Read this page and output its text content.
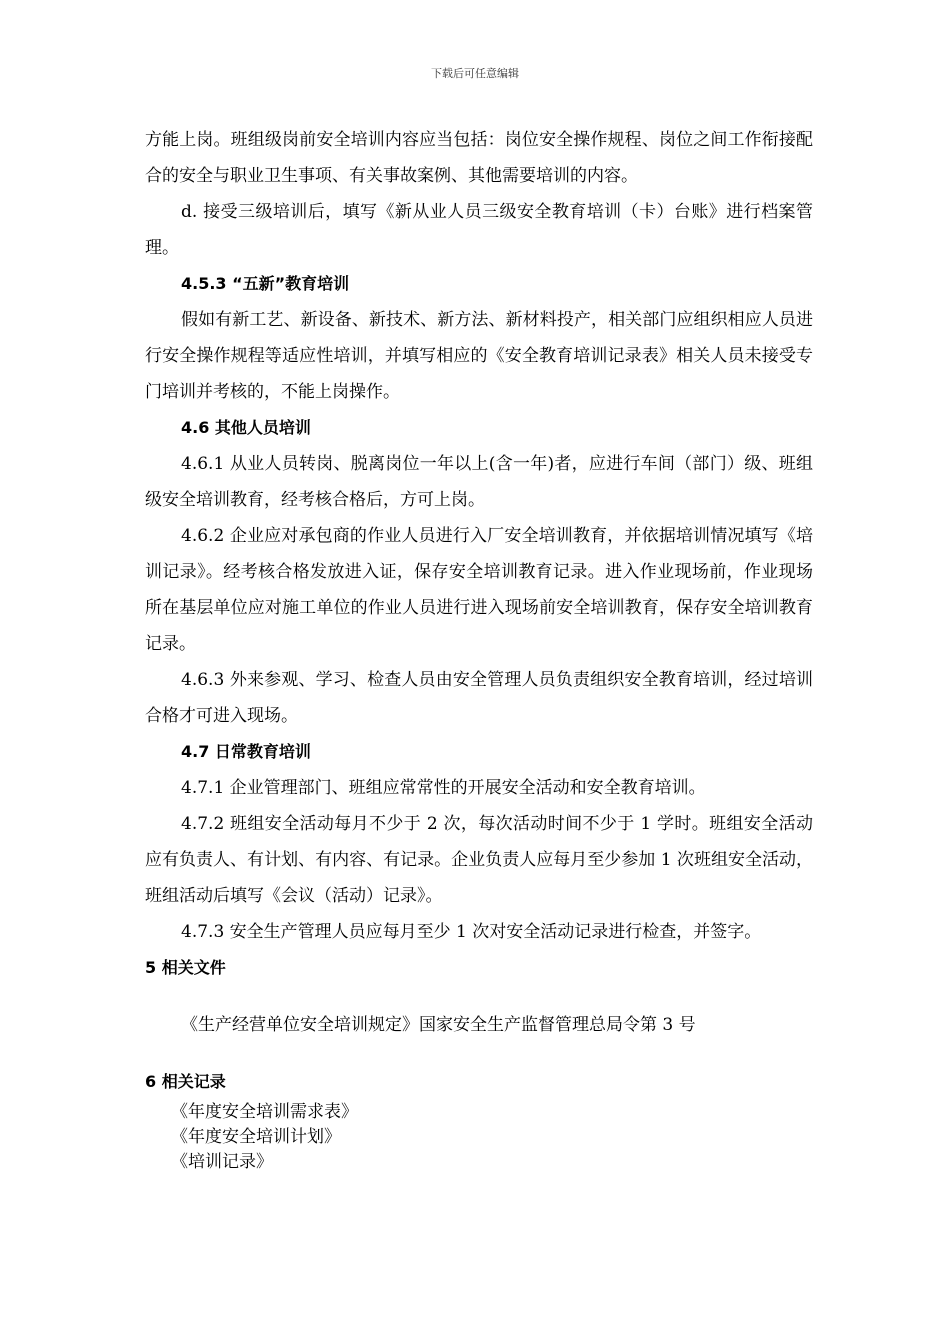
下载后可任意编辑

方能上岗。班组级岗前安全培训内容应当包括：岗位安全操作规程、岗位之间工作衔接配合的安全与职业卫生事项、有关事故案例、其他需要培训的内容。

d. 接受三级培训后，填写《新从业人员三级安全教育培训（卡）台账》进行档案管理。

4.5.3 “五新”教育培训

假如有新工艺、新设备、新技术、新方法、新材料投产，相关部门应组织相应人员进行安全操作规程等适应性培训，并填写相应的《安全教育培训记录表》相关人员未接受专门培训并考核的，不能上岗操作。

4.6 其他人员培训

4.6.1 从业人员转岗、脱离岗位一年以上(含一年)者，应进行车间（部门）级、班组级安全培训教育，经考核合格后，方可上岗。

4.6.2 企业应对承包商的作业人员进行入厂安全培训教育，并依据培训情况填写《培训记录》。经考核合格发放进入证，保存安全培训教育记录。进入作业现场前，作业现场所在基层单位应对施工单位的作业人员进行进入现场前安全培训教育，保存安全培训教育记录。

4.6.3 外来参观、学习、检查人员由安全管理人员负责组织安全教育培训，经过培训合格才可进入现场。

4.7 日常教育培训

4.7.1 企业管理部门、班组应常常性的开展安全活动和安全教育培训。

4.7.2 班组安全活动每月不少于 2 次，每次活动时间不少于 1 学时。班组安全活动应有负责人、有计划、有内容、有记录。企业负责人应每月至少参加 1 次班组安全活动，班组活动后填写《会议（活动）记录》。

4.7.3 安全生产管理人员应每月至少 1 次对安全活动记录进行检查，并签字。

5 相关文件

《生产经营单位安全培训规定》国家安全生产监督管理总局令第 3 号

6 相关记录

《年度安全培训需求表》

《年度安全培训计划》

《培训记录》
